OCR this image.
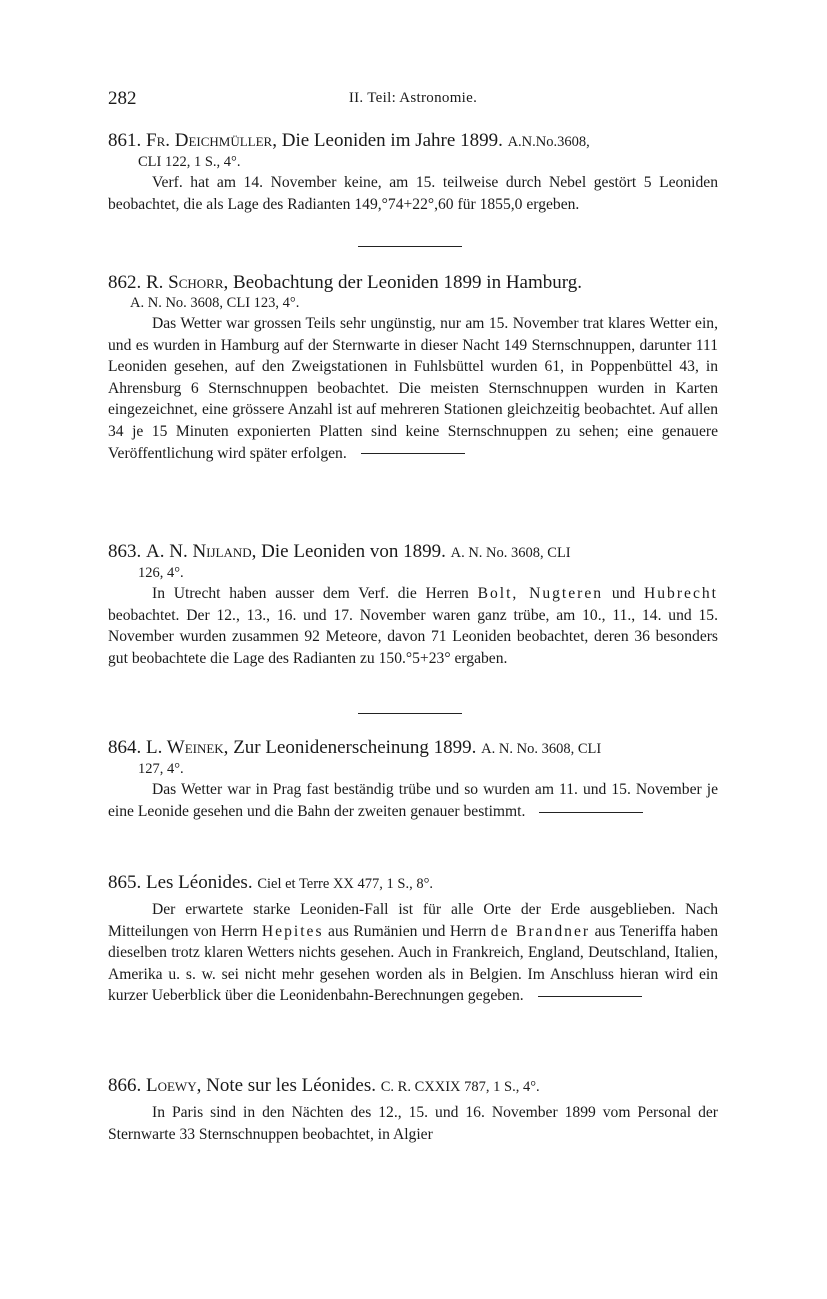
282	II. Teil: Astronomie.
861. Fr. Deichmüller, Die Leoniden im Jahre 1899. A.N.No.3608,
CLI 122, 1 S., 4°.
Verf. hat am 14. November keine, am 15. teilweise durch Nebel gestört 5 Leoniden beobachtet, die als Lage des Radianten 149,°74+22°,60 für 1855,0 ergeben.
862. R. Schorr, Beobachtung der Leoniden 1899 in Hamburg.
A. N. No. 3608, CLI 123, 4°.
Das Wetter war grossen Teils sehr ungünstig, nur am 15. November trat klares Wetter ein, und es wurden in Hamburg auf der Sternwarte in dieser Nacht 149 Sternschnuppen, darunter 111 Leoniden gesehen, auf den Zweigstationen in Fuhlsbüttel wurden 61, in Poppenbüttel 43, in Ahrensburg 6 Sternschnuppen beobachtet. Die meisten Sternschnuppen wurden in Karten eingezeichnet, eine grössere Anzahl ist auf mehreren Stationen gleichzeitig beobachtet. Auf allen 34 je 15 Minuten exponierten Platten sind keine Sternschnuppen zu sehen; eine genauere Veröffentlichung wird später erfolgen.
863. A. N. Nijland, Die Leoniden von 1899. A. N. No. 3608, CLI
126, 4°.
In Utrecht haben ausser dem Verf. die Herren Bolt, Nugteren und Hubrecht beobachtet. Der 12., 13., 16. und 17. November waren ganz trübe, am 10., 11., 14. und 15. November wurden zusammen 92 Meteore, davon 71 Leoniden beobachtet, deren 36 besonders gut beobachtete die Lage des Radianten zu 150.°5+23° ergaben.
864. L. Weinek, Zur Leonidenerscheinung 1899. A. N. No. 3608, CLI
127, 4°.
Das Wetter war in Prag fast beständig trübe und so wurden am 11. und 15. November je eine Leonide gesehen und die Bahn der zweiten genauer bestimmt.
865. Les Léonides. Ciel et Terre XX 477, 1 S., 8°.
Der erwartete starke Leoniden-Fall ist für alle Orte der Erde ausgeblieben. Nach Mitteilungen von Herrn Hepites aus Rumänien und Herrn de Brandner aus Teneriffa haben dieselben trotz klaren Wetters nichts gesehen. Auch in Frankreich, England, Deutschland, Italien, Amerika u. s. w. sei nicht mehr gesehen worden als in Belgien. Im Anschluss hieran wird ein kurzer Ueberblick über die Leonidenbahn-Berechnungen gegeben.
866. Loewy, Note sur les Léonides. C. R. CXXIX 787, 1 S., 4°.
In Paris sind in den Nächten des 12., 15. und 16. November 1899 vom Personal der Sternwarte 33 Sternschnuppen beobachtet, in Algier
